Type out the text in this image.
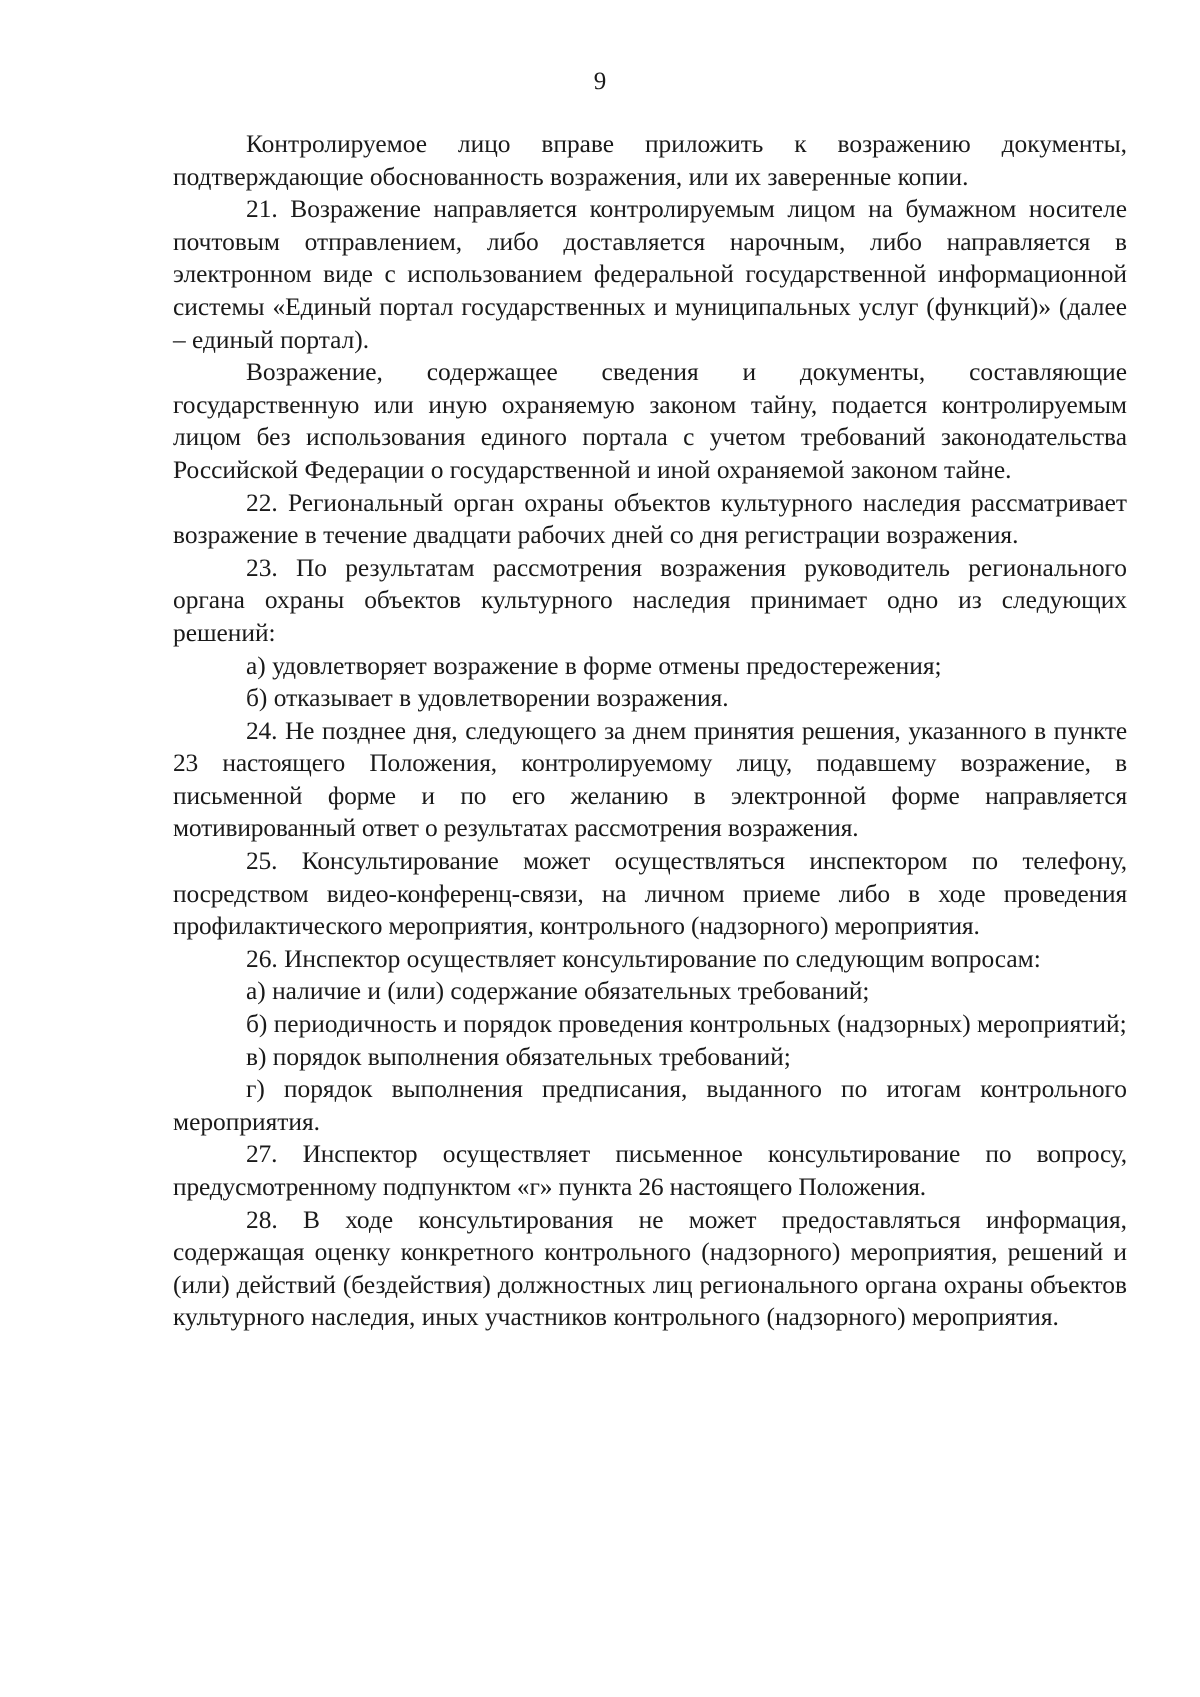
9

Контролируемое лицо вправе приложить к возражению документы, подтверждающие обоснованность возражения, или их заверенные копии.

21. Возражение направляется контролируемым лицом на бумажном носителе почтовым отправлением, либо доставляется нарочным, либо направляется в электронном виде с использованием федеральной государственной информационной системы «Единый портал государственных и муниципальных услуг (функций)» (далее – единый портал).

Возражение, содержащее сведения и документы, составляющие государственную или иную охраняемую законом тайну, подается контролируемым лицом без использования единого портала с учетом требований законодательства Российской Федерации о государственной и иной охраняемой законом тайне.

22. Региональный орган охраны объектов культурного наследия рассматривает возражение в течение двадцати рабочих дней со дня регистрации возражения.

23. По результатам рассмотрения возражения руководитель регионального органа охраны объектов культурного наследия принимает одно из следующих решений:

а) удовлетворяет возражение в форме отмены предостережения;

б) отказывает в удовлетворении возражения.

24. Не позднее дня, следующего за днем принятия решения, указанного в пункте 23 настоящего Положения, контролируемому лицу, подавшему возражение, в письменной форме и по его желанию в электронной форме направляется мотивированный ответ о результатах рассмотрения возражения.

25. Консультирование может осуществляться инспектором по телефону, посредством видео-конференц-связи, на личном приеме либо в ходе проведения профилактического мероприятия, контрольного (надзорного) мероприятия.

26. Инспектор осуществляет консультирование по следующим вопросам:

а) наличие и (или) содержание обязательных требований;

б) периодичность и порядок проведения контрольных (надзорных) мероприятий;

в) порядок выполнения обязательных требований;

г) порядок выполнения предписания, выданного по итогам контрольного мероприятия.

27. Инспектор осуществляет письменное консультирование по вопросу, предусмотренному подпунктом «г» пункта 26 настоящего Положения.

28. В ходе консультирования не может предоставляться информация, содержащая оценку конкретного контрольного (надзорного) мероприятия, решений и (или) действий (бездействия) должностных лиц регионального органа охраны объектов культурного наследия, иных участников контрольного (надзорного) мероприятия.
